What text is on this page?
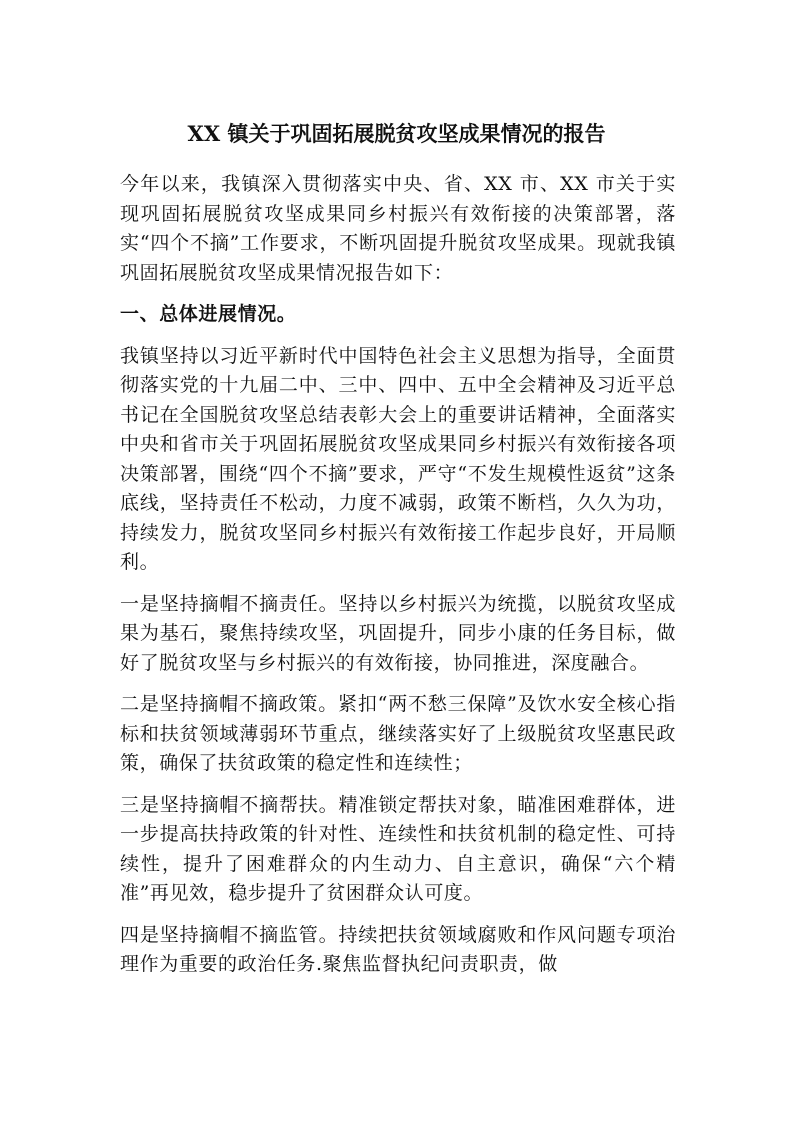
XX 镇关于巩固拓展脱贫攻坚成果情况的报告

今年以来，我镇深入贯彻落实中央、省、XX 市、XX 市关于实现巩固拓展脱贫攻坚成果同乡村振兴有效衔接的决策部署，落实“四个不摘”工作要求，不断巩固提升脱贫攻坚成果。现就我镇巩固拓展脱贫攻坚成果情况报告如下：

一、总体进展情况。

我镇坚持以习近平新时代中国特色社会主义思想为指导，全面贯彻落实党的十九届二中、三中、四中、五中全会精神及习近平总书记在全国脱贫攻坚总结表彰大会上的重要讲话精神，全面落实中央和省市关于巩固拓展脱贫攻坚成果同乡村振兴有效衔接各项决策部署，围绕“四个不摘”要求，严守“不发生规模性返贫”这条底线，坚持责任不松动，力度不减弱，政策不断档，久久为功，持续发力，脱贫攻坚同乡村振兴有效衔接工作起步良好，开局顺利。

一是坚持摘帽不摘责任。坚持以乡村振兴为统揽，以脱贫攻坚成果为基石，聚焦持续攻坚，巩固提升，同步小康的任务目标，做好了脱贫攻坚与乡村振兴的有效衔接，协同推进，深度融合。

二是坚持摘帽不摘政策。紧扣“两不愁三保障”及饮水安全核心指标和扶贫领域薄弱环节重点，继续落实好了上级脱贫攻坚惠民政策，确保了扶贫政策的稳定性和连续性；

三是坚持摘帽不摘帮扶。精准锁定帮扶对象，瞄准困难群体，进一步提高扶持政策的针对性、连续性和扶贫机制的稳定性、可持续性，提升了困难群众的内生动力、自主意识，确保“六个精准”再见效，稳步提升了贫困群众认可度。

四是坚持摘帽不摘监管。持续把扶贫领域腐败和作风问题专项治理作为重要的政治任务.聚焦监督执纪问责职责，做
